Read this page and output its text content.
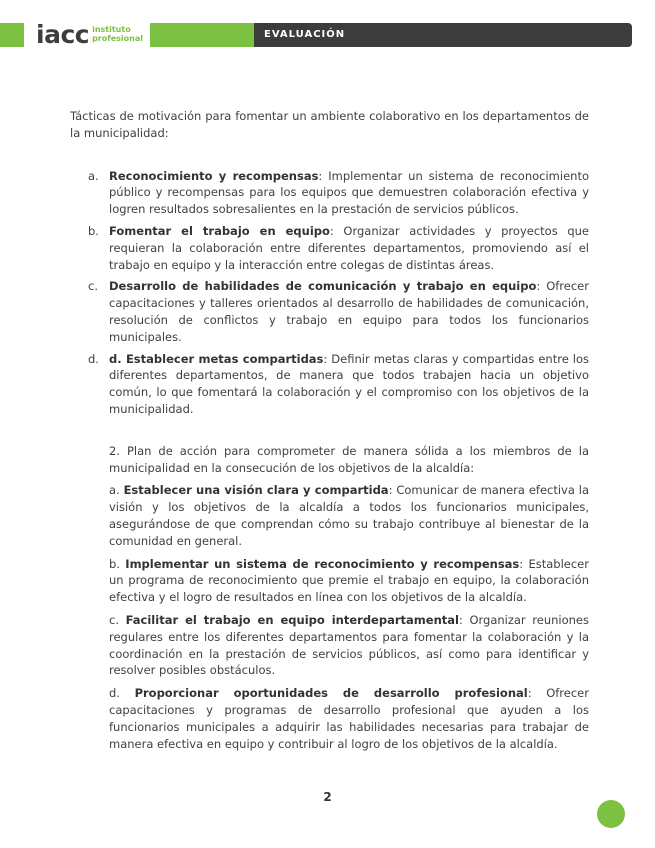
iacc instituto
profesional	EVALUACIÓN

Tácticas de motivación para fomentar un ambiente colaborativo en los departamentos de la municipalidad:

a. Reconocimiento y recompensas: Implementar un sistema de reconocimiento público y recompensas para los equipos que demuestren colaboración efectiva y logren resultados sobresalientes en la prestación de servicios públicos.
b. Fomentar el trabajo en equipo: Organizar actividades y proyectos que requieran la colaboración entre diferentes departamentos, promoviendo así el trabajo en equipo y la interacción entre colegas de distintas áreas.
c. Desarrollo de habilidades de comunicación y trabajo en equipo: Ofrecer capacitaciones y talleres orientados al desarrollo de habilidades de comunicación, resolución de conflictos y trabajo en equipo para todos los funcionarios municipales.
d. d. Establecer metas compartidas: Definir metas claras y compartidas entre los diferentes departamentos, de manera que todos trabajen hacia un objetivo común, lo que fomentará la colaboración y el compromiso con los objetivos de la municipalidad.

2. Plan de acción para comprometer de manera sólida a los miembros de la municipalidad en la consecución de los objetivos de la alcaldía:

a. Establecer una visión clara y compartida: Comunicar de manera efectiva la visión y los objetivos de la alcaldía a todos los funcionarios municipales, asegurándose de que comprendan cómo su trabajo contribuye al bienestar de la comunidad en general.

b. Implementar un sistema de reconocimiento y recompensas: Establecer un programa de reconocimiento que premie el trabajo en equipo, la colaboración efectiva y el logro de resultados en línea con los objetivos de la alcaldía.

c. Facilitar el trabajo en equipo interdepartamental: Organizar reuniones regulares entre los diferentes departamentos para fomentar la colaboración y la coordinación en la prestación de servicios públicos, así como para identificar y resolver posibles obstáculos.

d. Proporcionar oportunidades de desarrollo profesional: Ofrecer capacitaciones y programas de desarrollo profesional que ayuden a los funcionarios municipales a adquirir las habilidades necesarias para trabajar de manera efectiva en equipo y contribuir al logro de los objetivos de la alcaldía.

2
